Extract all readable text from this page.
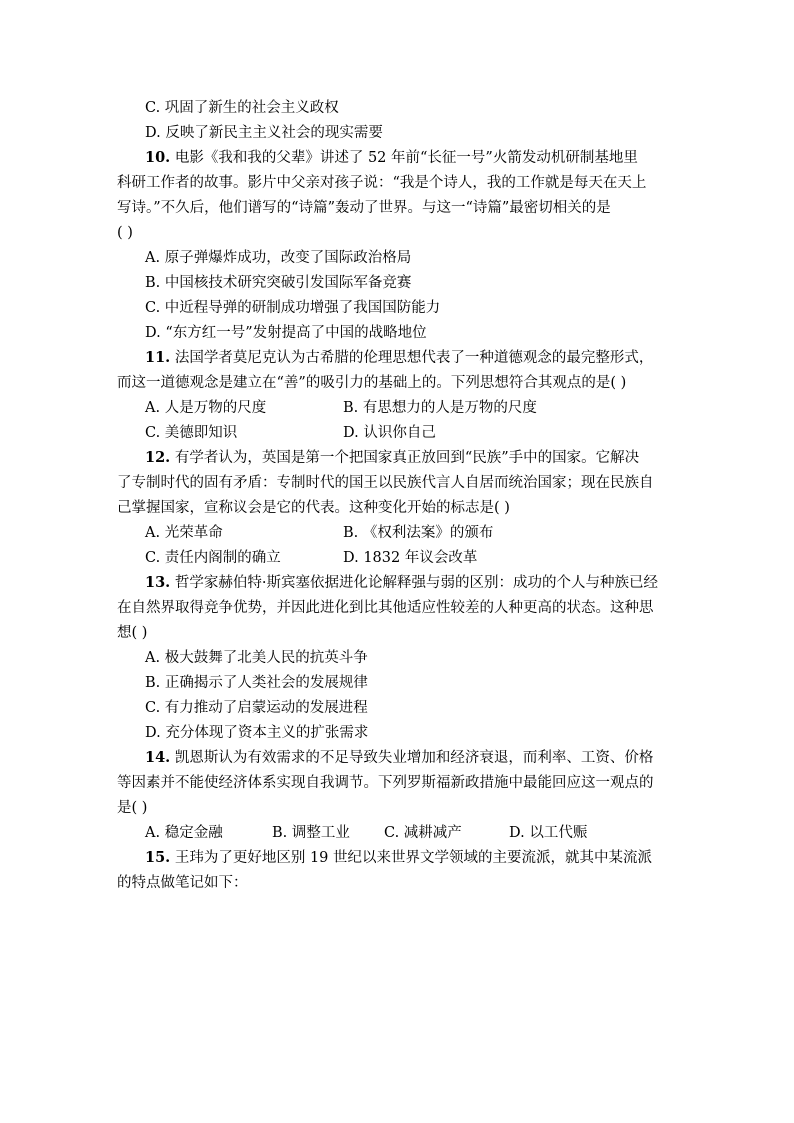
C. 巩固了新生的社会主义政权
D. 反映了新民主主义社会的现实需要
10. 电影《我和我的父辈》讲述了 52 年前“长征一号”火箭发动机研制基地里
科研工作者的故事。影片中父亲对孩子说：“我是个诗人，我的工作就是每天在天上
写诗。”不久后，他们谱写的“诗篇”轰动了世界。与这一“诗篇”最密切相关的是
( )
A. 原子弹爆炸成功，改变了国际政治格局
B. 中国核技术研究突破引发国际军备竞赛
C. 中近程导弹的研制成功增强了我国国防能力
D. “东方红一号”发射提高了中国的战略地位
11. 法国学者莫尼克认为古希腊的伦理思想代表了一种道德观念的最完整形式，
而这一道德观念是建立在“善”的吸引力的基础上的。下列思想符合其观点的是( )
A. 人是万物的尺度	B. 有思想力的人是万物的尺度
C. 美德即知识	D. 认识你自己
12. 有学者认为，英国是第一个把国家真正放回到“民族”手中的国家。它解决
了专制时代的固有矛盾：专制时代的国王以民族代言人自居而统治国家；现在民族自
己掌握国家，宣称议会是它的代表。这种变化开始的标志是( )
A. 光荣革命	B. 《权利法案》的颁布
C. 责任内阁制的确立	D. 1832 年议会改革
13. 哲学家赫伯特·斯宾塞依据进化论解释强与弱的区别：成功的个人与种族已经
在自然界取得竞争优势，并因此进化到比其他适应性较差的人种更高的状态。这种思
想( )
A. 极大鼓舞了北美人民的抗英斗争
B. 正确揭示了人类社会的发展规律
C. 有力推动了启蒙运动的发展进程
D. 充分体现了资本主义的扩张需求
14. 凯恩斯认为有效需求的不足导致失业增加和经济衰退，而利率、工资、价格
等因素并不能使经济体系实现自我调节。下列罗斯福新政措施中最能回应这一观点的
是( )
A. 稳定金融	B. 调整工业 C. 减耕减产	D. 以工代赈
15. 王玮为了更好地区别 19 世纪以来世界文学领域的主要流派，就其中某流派
的特点做笔记如下：
